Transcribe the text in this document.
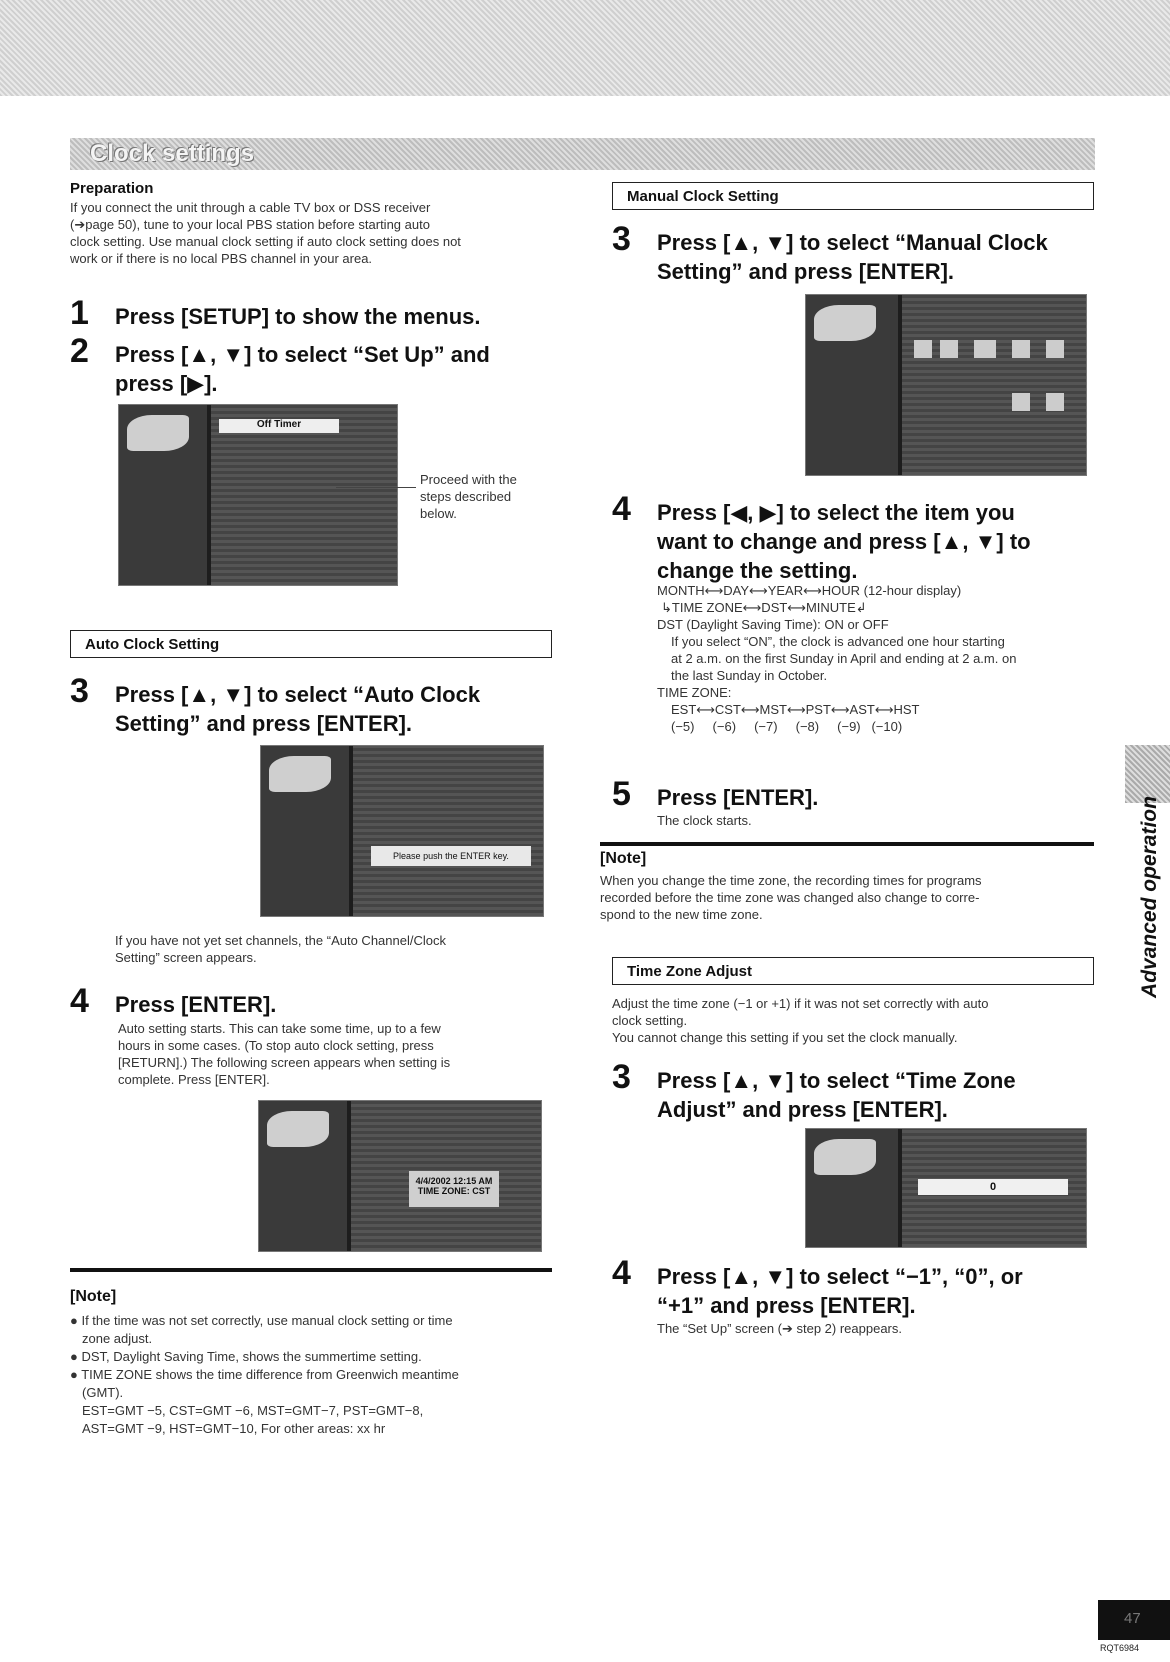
Clock settings
Preparation
If you connect the unit through a cable TV box or DSS receiver
(➔page 50), tune to your local PBS station before starting auto
clock setting. Use manual clock setting if auto clock setting does not
work or if there is no local PBS channel in your area.
1 Press [SETUP] to show the menus.
2 Press [▲, ▼] to select “Set Up” and
press [▶].
Off Timer
Proceed with the
steps described
below.
Auto Clock Setting
3 Press [▲, ▼] to select “Auto Clock
Setting” and press [ENTER].
Please push the ENTER key.
If you have not yet set channels, the “Auto Channel/Clock
Setting” screen appears.
4 Press [ENTER].
Auto setting starts. This can take some time, up to a few
hours in some cases. (To stop auto clock setting, press
[RETURN].) The following screen appears when setting is
complete. Press [ENTER].
4/4/2002 12:15 AM
TIME ZONE: CST
[Note]
● If the time was not set correctly, use manual clock setting or time
zone adjust.
● DST, Daylight Saving Time, shows the summertime setting.
● TIME ZONE shows the time difference from Greenwich meantime
(GMT).
EST=GMT −5, CST=GMT −6, MST=GMT−7, PST=GMT−8,
AST=GMT −9, HST=GMT−10, For other areas: xx hr
Manual Clock Setting
3 Press [▲, ▼] to select “Manual Clock
Setting” and press [ENTER].
4 Press [◀, ▶] to select the item you
want to change and press [▲, ▼] to
change the setting.
MONTH⟷DAY⟷YEAR⟷HOUR (12-hour display)
↳TIME ZONE⟷DST⟷MINUTE↲
DST (Daylight Saving Time): ON or OFF
If you select “ON”, the clock is advanced one hour starting
at 2 a.m. on the first Sunday in April and ending at 2 a.m. on
the last Sunday in October.
TIME ZONE:
EST⟷CST⟷MST⟷PST⟷AST⟷HST
(−5)     (−6)     (−7)     (−8)     (−9)   (−10)
5 Press [ENTER].
The clock starts.
[Note]
When you change the time zone, the recording times for programs
recorded before the time zone was changed also change to corre-
spond to the new time zone.
Time Zone Adjust
Adjust the time zone (−1 or +1) if it was not set correctly with auto
clock setting.
You cannot change this setting if you set the clock manually.
3 Press [▲, ▼] to select “Time Zone
Adjust” and press [ENTER].
0
4 Press [▲, ▼] to select “−1”, “0”, or
“+1” and press [ENTER].
The “Set Up” screen (➔ step 2) reappears.
Advanced operation
47
RQT6984
